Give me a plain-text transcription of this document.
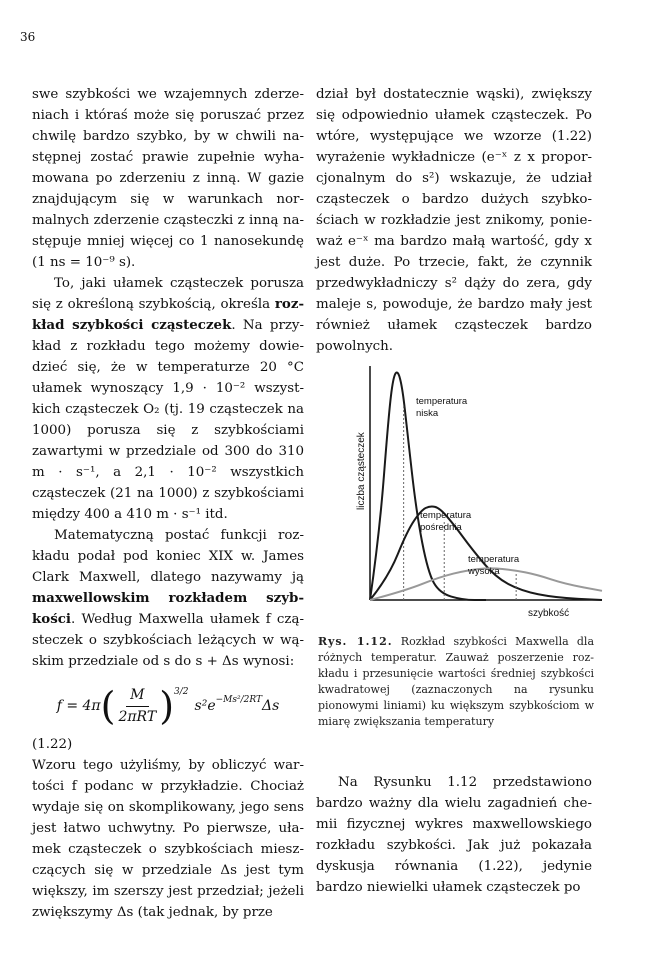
36

swe szybkości we wzajemnych zderzeniach i któraś może się poruszać przez chwilę bardzo szybko, by w chwili następnej zostać prawie zupełnie wyhamowana po zderzeniu z inną. W gazie znajdującym się w warunkach normalnych zderzenie cząsteczki z inną następuje mniej więcej co 1 nanosekundę (1 ns = 10⁻⁹ s).

To, jaki ułamek cząsteczek porusza się z określoną szybkością, określa rozkład szybkości cząsteczek. Na przykład z rozkładu tego możemy dowiedzieć się, że w temperaturze 20 °C ułamek wynoszący 1,9 · 10⁻² wszystkich cząsteczek O₂ (tj. 19 cząsteczek na 1000) porusza się z szybkościami zawartymi w przedziale od 300 do 310 m · s⁻¹, a 2,1 · 10⁻² wszystkich cząsteczek (21 na 1000) z szybkościami między 400 a 410 m · s⁻¹ itd.

Matematyczną postać funkcji rozkładu podał pod koniec XIX w. James Clark Maxwell, dlatego nazywamy ją maxwellowskim rozkładem szybkości. Według Maxwella ułamek f cząsteczek o szybkościach leżących w wąskim przedziale od s do s + Δs wynosi:

f = 4π ( $\frac{M}{\text{2πRT}} )^{3/2}$
$s^2e^{-Ms^2/2RT}$ Δs

(1.22)

Wzoru tego użyliśmy, by obliczyć wartości f podanc w przykładzie. Chociaż wydaje się on skomplikowany, jego sens jest łatwo uchwytny. Po pierwsze, ułamek cząsteczek o szybkościach mieszczących się w przedziale Δs jest tym większy, im szerszy jest przedział; jeżeli zwiększymy Δs (tak jednak, by prze

dział był dostatecznie wąski), zwiększy się odpowiednio ułamek cząsteczek. Po wtóre, występujące we wzorze (1.22) wyrażenie wykładnicze (e⁻ˣ z x proporcjonalnym do s²) wskazuje, że udział cząsteczek o bardzo dużych szybkościach w rozkładzie jest znikomy, ponieważ e⁻ˣ ma bardzo małą wartość, gdy x jest duże. Po trzecie, fakt, że czynnik przedwykładniczy s² dąży do zera, gdy maleje s, powoduje, że bardzo mały jest również ułamek cząsteczek bardzo powolnych.

liczba cząsteczek
szybkość
temperatura niska
temperatura pośrednia
temperatura wysoka
Rys. 1.12. Rozkład szybkości Maxwella dla różnych temperatur. Zauważ poszerzenie rozkładu i przesunięcie wartości średniej szybkości kwadratowej (zaznaczonych na rysunku pionowymi liniami) ku większym szybkościom w miarę zwiększania temperatury

Na Rysunku 1.12 przedstawiono bardzo ważny dla wielu zagadnień chemii fizycznej wykres maxwellowskiego rozkładu szybkości. Jak już pokazała dyskusja równania (1.22), jedynie bardzo niewielki ułamek cząsteczek po
